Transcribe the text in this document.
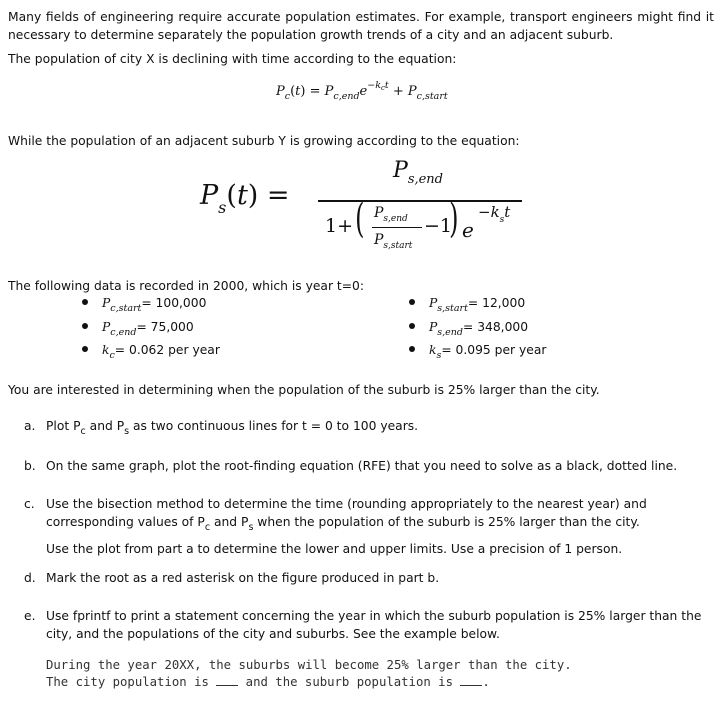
Many fields of engineering require accurate population estimates. For example, transport engineers might find it necessary to determine separately the population growth trends of a city and an adjacent suburb.
The population of city X is declining with time according to the equation:
$P_c(t) = P_{c,end}e^{-k_ct} + P_{c,start}$
While the population of an adjacent suburb Y is growing according to the equation:
$P_s(t)$ =
$P_{s,end}$
1+ ( $P_{s,end}$
$P_{s,start}$
−1
) e
$-k_st$
The following data is recorded in 2000, which is year t=0:
$P_{c,start}= 100,000$
$P_{c,end}= 75,000$
$k_c= 0.062$ per year
$P_{s,start}= 12,000$
$P_{s,end}= 348,000$
$k_s= 0.095$ per year
You are interested in determining when the population of the suburb is 25% larger than the city.
a. Plot $P_c$ and $P_s$ as two continuous lines for t = 0 to 100 years.
b. On the same graph, plot the root-finding equation (RFE) that you need to solve as a black, dotted line.
c. Use the bisection method to determine the time (rounding appropriately to the nearest year) and
corresponding values of $P_c$ and $P_s$ when the population of the suburb is 25% larger than the city.
Use the plot from part a to determine the lower and upper limits. Use a precision of 1 person.
d. Mark the root as a red asterisk on the figure produced in part b.
e. Use fprintf to print a statement concerning the year in which the suburb population is 25% larger than the
city, and the populations of the city and suburbs. See the example below.
During the year 20XX, the suburbs will become 25% larger than the city.
The city population is  and the suburb population is .
